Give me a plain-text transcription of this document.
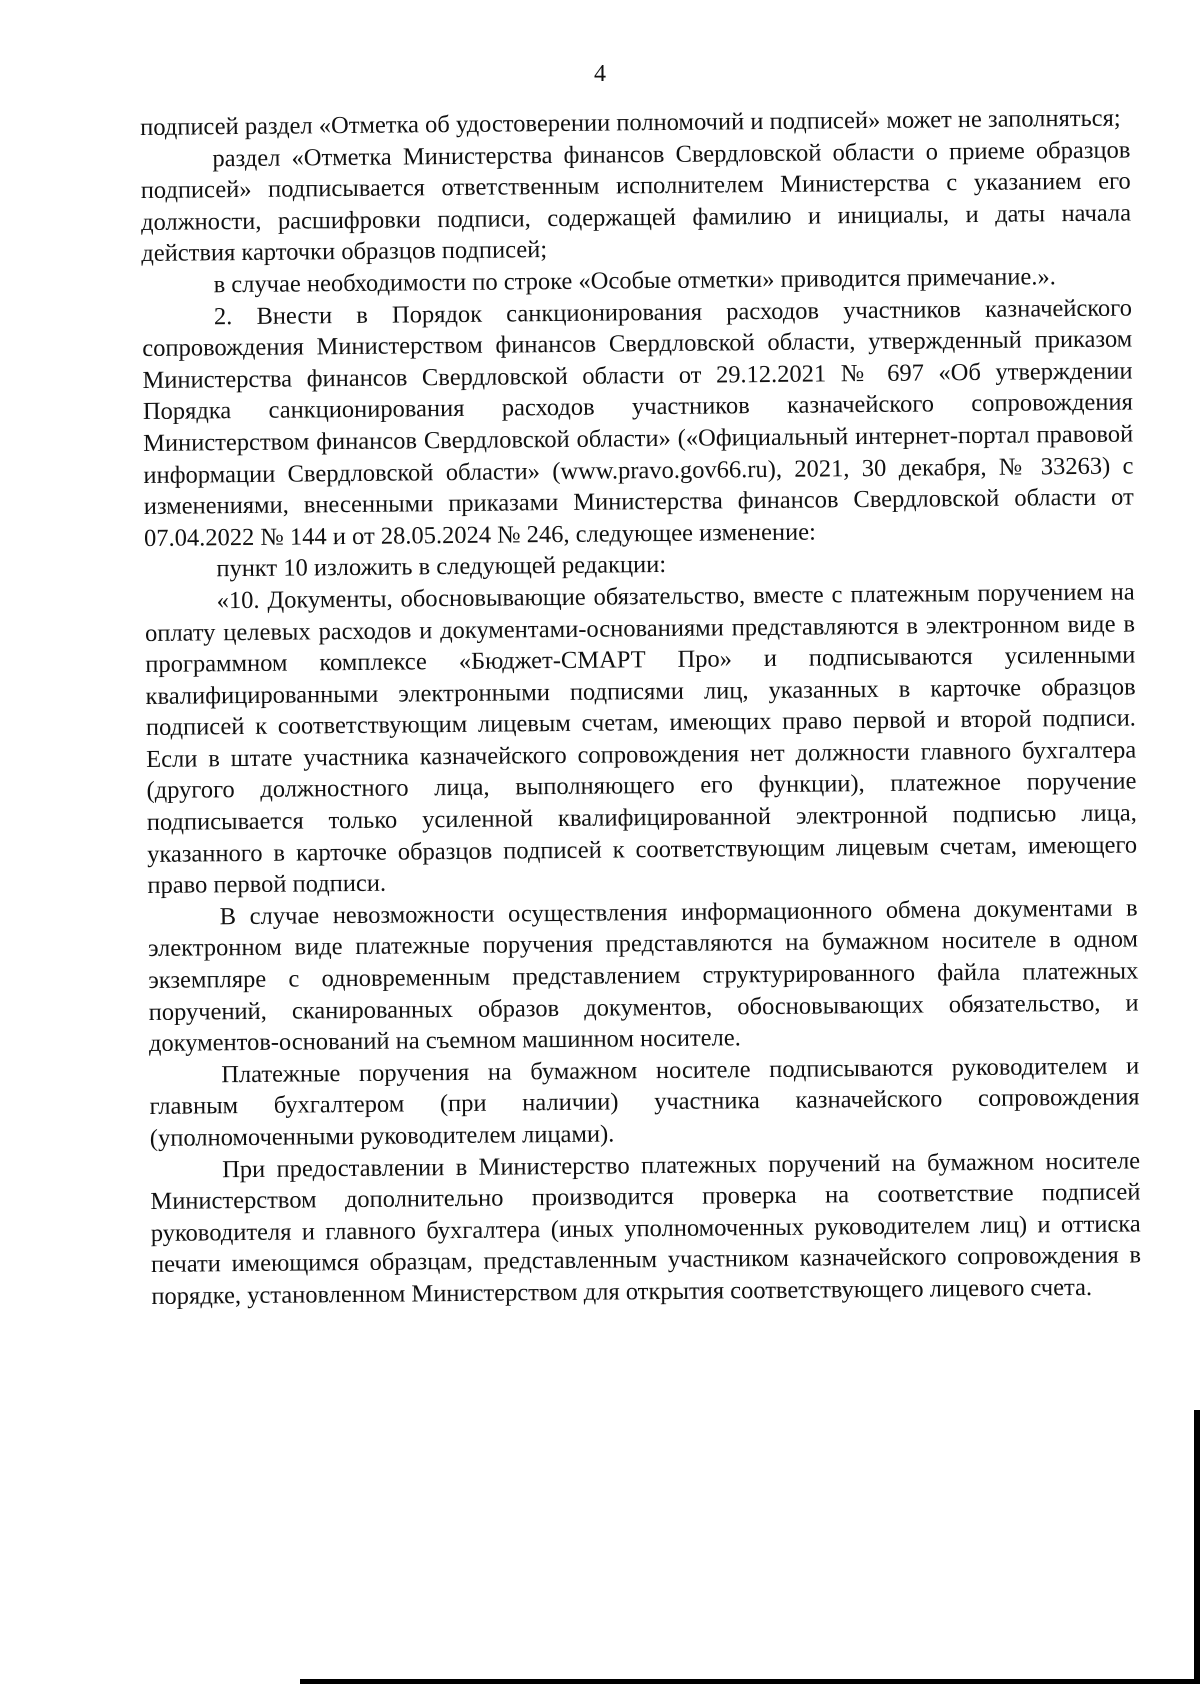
4

подписей раздел «Отметка об удостоверении полномочий и подписей» может не заполняться;

раздел «Отметка Министерства финансов Свердловской области о приеме образцов подписей» подписывается ответственным исполнителем Министерства с указанием его должности, расшифровки подписи, содержащей фамилию и инициалы, и даты начала действия карточки образцов подписей;

в случае необходимости по строке «Особые отметки» приводится примечание.».

2. Внести в Порядок санкционирования расходов участников казначейского сопровождения Министерством финансов Свердловской области, утвержденный приказом Министерства финансов Свердловской области от 29.12.2021 № 697 «Об утверждении Порядка санкционирования расходов участников казначейского сопровождения Министерством финансов Свердловской области» («Официальный интернет-портал правовой информации Свердловской области» (www.pravo.gov66.ru), 2021, 30 декабря, № 33263) с изменениями, внесенными приказами Министерства финансов Свердловской области от 07.04.2022 № 144 и от 28.05.2024 № 246, следующее изменение:

пункт 10 изложить в следующей редакции:

«10. Документы, обосновывающие обязательство, вместе с платежным поручением на оплату целевых расходов и документами-основаниями представляются в электронном виде в программном комплексе «Бюджет-СМАРТ Про» и подписываются усиленными квалифицированными электронными подписями лиц, указанных в карточке образцов подписей к соответствующим лицевым счетам, имеющих право первой и второй подписи. Если в штате участника казначейского сопровождения нет должности главного бухгалтера (другого должностного лица, выполняющего его функции), платежное поручение подписывается только усиленной квалифицированной электронной подписью лица, указанного в карточке образцов подписей к соответствующим лицевым счетам, имеющего право первой подписи.

В случае невозможности осуществления информационного обмена документами в электронном виде платежные поручения представляются на бумажном носителе в одном экземпляре с одновременным представлением структурированного файла платежных поручений, сканированных образов документов, обосновывающих обязательство, и документов-оснований на съемном машинном носителе.

Платежные поручения на бумажном носителе подписываются руководителем и главным бухгалтером (при наличии) участника казначейского сопровождения (уполномоченными руководителем лицами).

При предоставлении в Министерство платежных поручений на бумажном носителе Министерством дополнительно производится проверка на соответствие подписей руководителя и главного бухгалтера (иных уполномоченных руководителем лиц) и оттиска печати имеющимся образцам, представленным участником казначейского сопровождения в порядке, установленном Министерством для открытия соответствующего лицевого счета.
